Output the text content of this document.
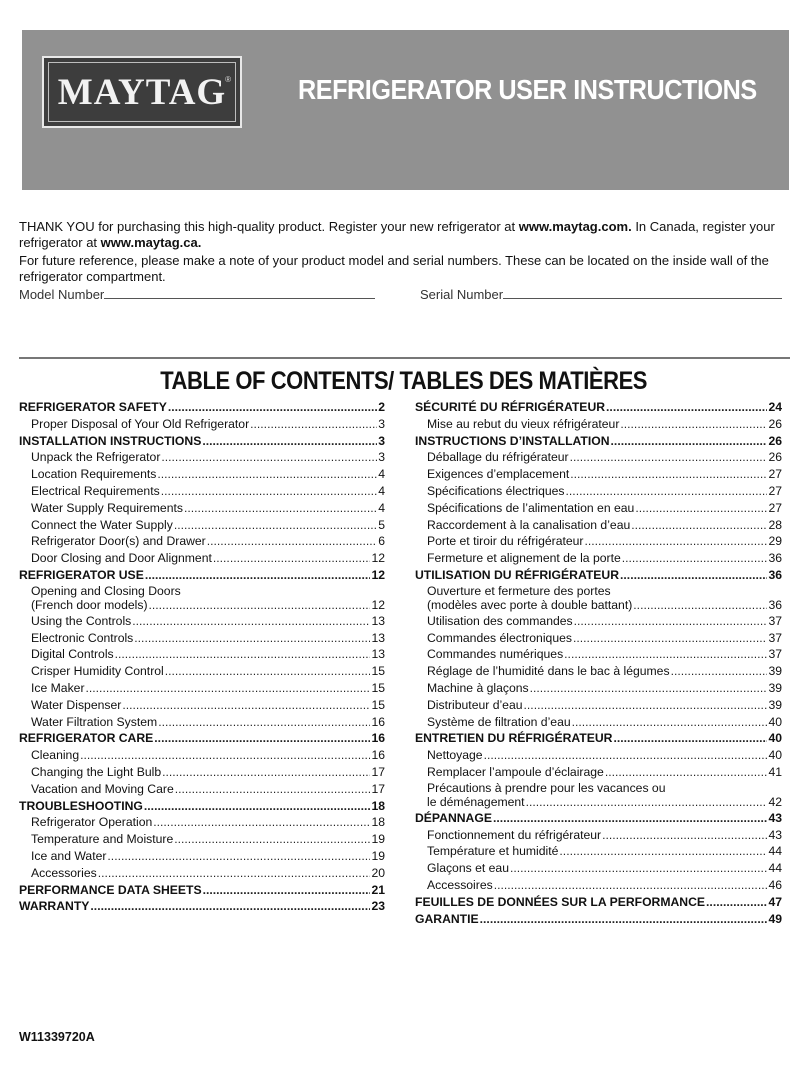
MAYTAG
® REFRIGERATOR USER INSTRUCTIONS
THANK YOU for purchasing this high-quality product. Register your new refrigerator at www.maytag.com. In Canada, register your refrigerator at www.maytag.ca.
For future reference, please make a note of your product model and serial numbers. These can be located on the inside wall of the refrigerator compartment.
Model Number	Serial Number
TABLE OF CONTENTS/ TABLES DES MATIÈRES
REFRIGERATOR SAFETY .....	2
Proper Disposal of Your Old Refrigerator .....	3
INSTALLATION INSTRUCTIONS .....	3
Unpack the Refrigerator .....	3
Location Requirements .....	4
Electrical Requirements .....	4
Water Supply Requirements .....	4
Connect the Water Supply .....	5
Refrigerator Door(s) and Drawer .....	6
Door Closing and Door Alignment .....	12
REFRIGERATOR USE .....	12
Opening and Closing Doors
(French door models) .....	12
Using the Controls .....	13
Electronic Controls .....	13
Digital Controls .....	13
Crisper Humidity Control .....	15
Ice Maker .....	15
Water Dispenser .....	15
Water Filtration System .....	16
REFRIGERATOR CARE .....	16
Cleaning .....	16
Changing the Light Bulb .....	17
Vacation and Moving Care .....	17
TROUBLESHOOTING .....	18
Refrigerator Operation .....	18
Temperature and Moisture .....	19
Ice and Water .....	19
Accessories .....	20
PERFORMANCE DATA SHEETS .....	21
WARRANTY .....	23
SÉCURITÉ DU RÉFRIGÉRATEUR .....	24
Mise au rebut du vieux réfrigérateur .....	26
INSTRUCTIONS D’INSTALLATION .....	26
Déballage du réfrigérateur .....	26
Exigences d’emplacement .....	27
Spécifications électriques .....	27
Spécifications de l’alimentation en eau .....	27
Raccordement à la canalisation d’eau .....	28
Porte et tiroir du réfrigérateur .....	29
Fermeture et alignement de la porte .....	36
UTILISATION DU RÉFRIGÉRATEUR .....	36
Ouverture et fermeture des portes
(modèles avec porte à double battant) .....	36
Utilisation des commandes .....	37
Commandes électroniques .....	37
Commandes numériques .....	37
Réglage de l’humidité dans le bac à légumes .....	39
Machine à glaçons .....	39
Distributeur d’eau .....	39
Système de filtration d’eau .....	40
ENTRETIEN DU RÉFRIGÉRATEUR .....	40
Nettoyage .....	40
Remplacer l’ampoule d’éclairage .....	41
Précautions à prendre pour les vacances ou
le déménagement .....	42
DÉPANNAGE .....	43
Fonctionnement du réfrigérateur .....	43
Température et humidité .....	44
Glaçons et eau .....	44
Accessoires .....	46
FEUILLES DE DONNÉES SUR LA PERFORMANCE .....	47
GARANTIE .....	49
W11339720A
